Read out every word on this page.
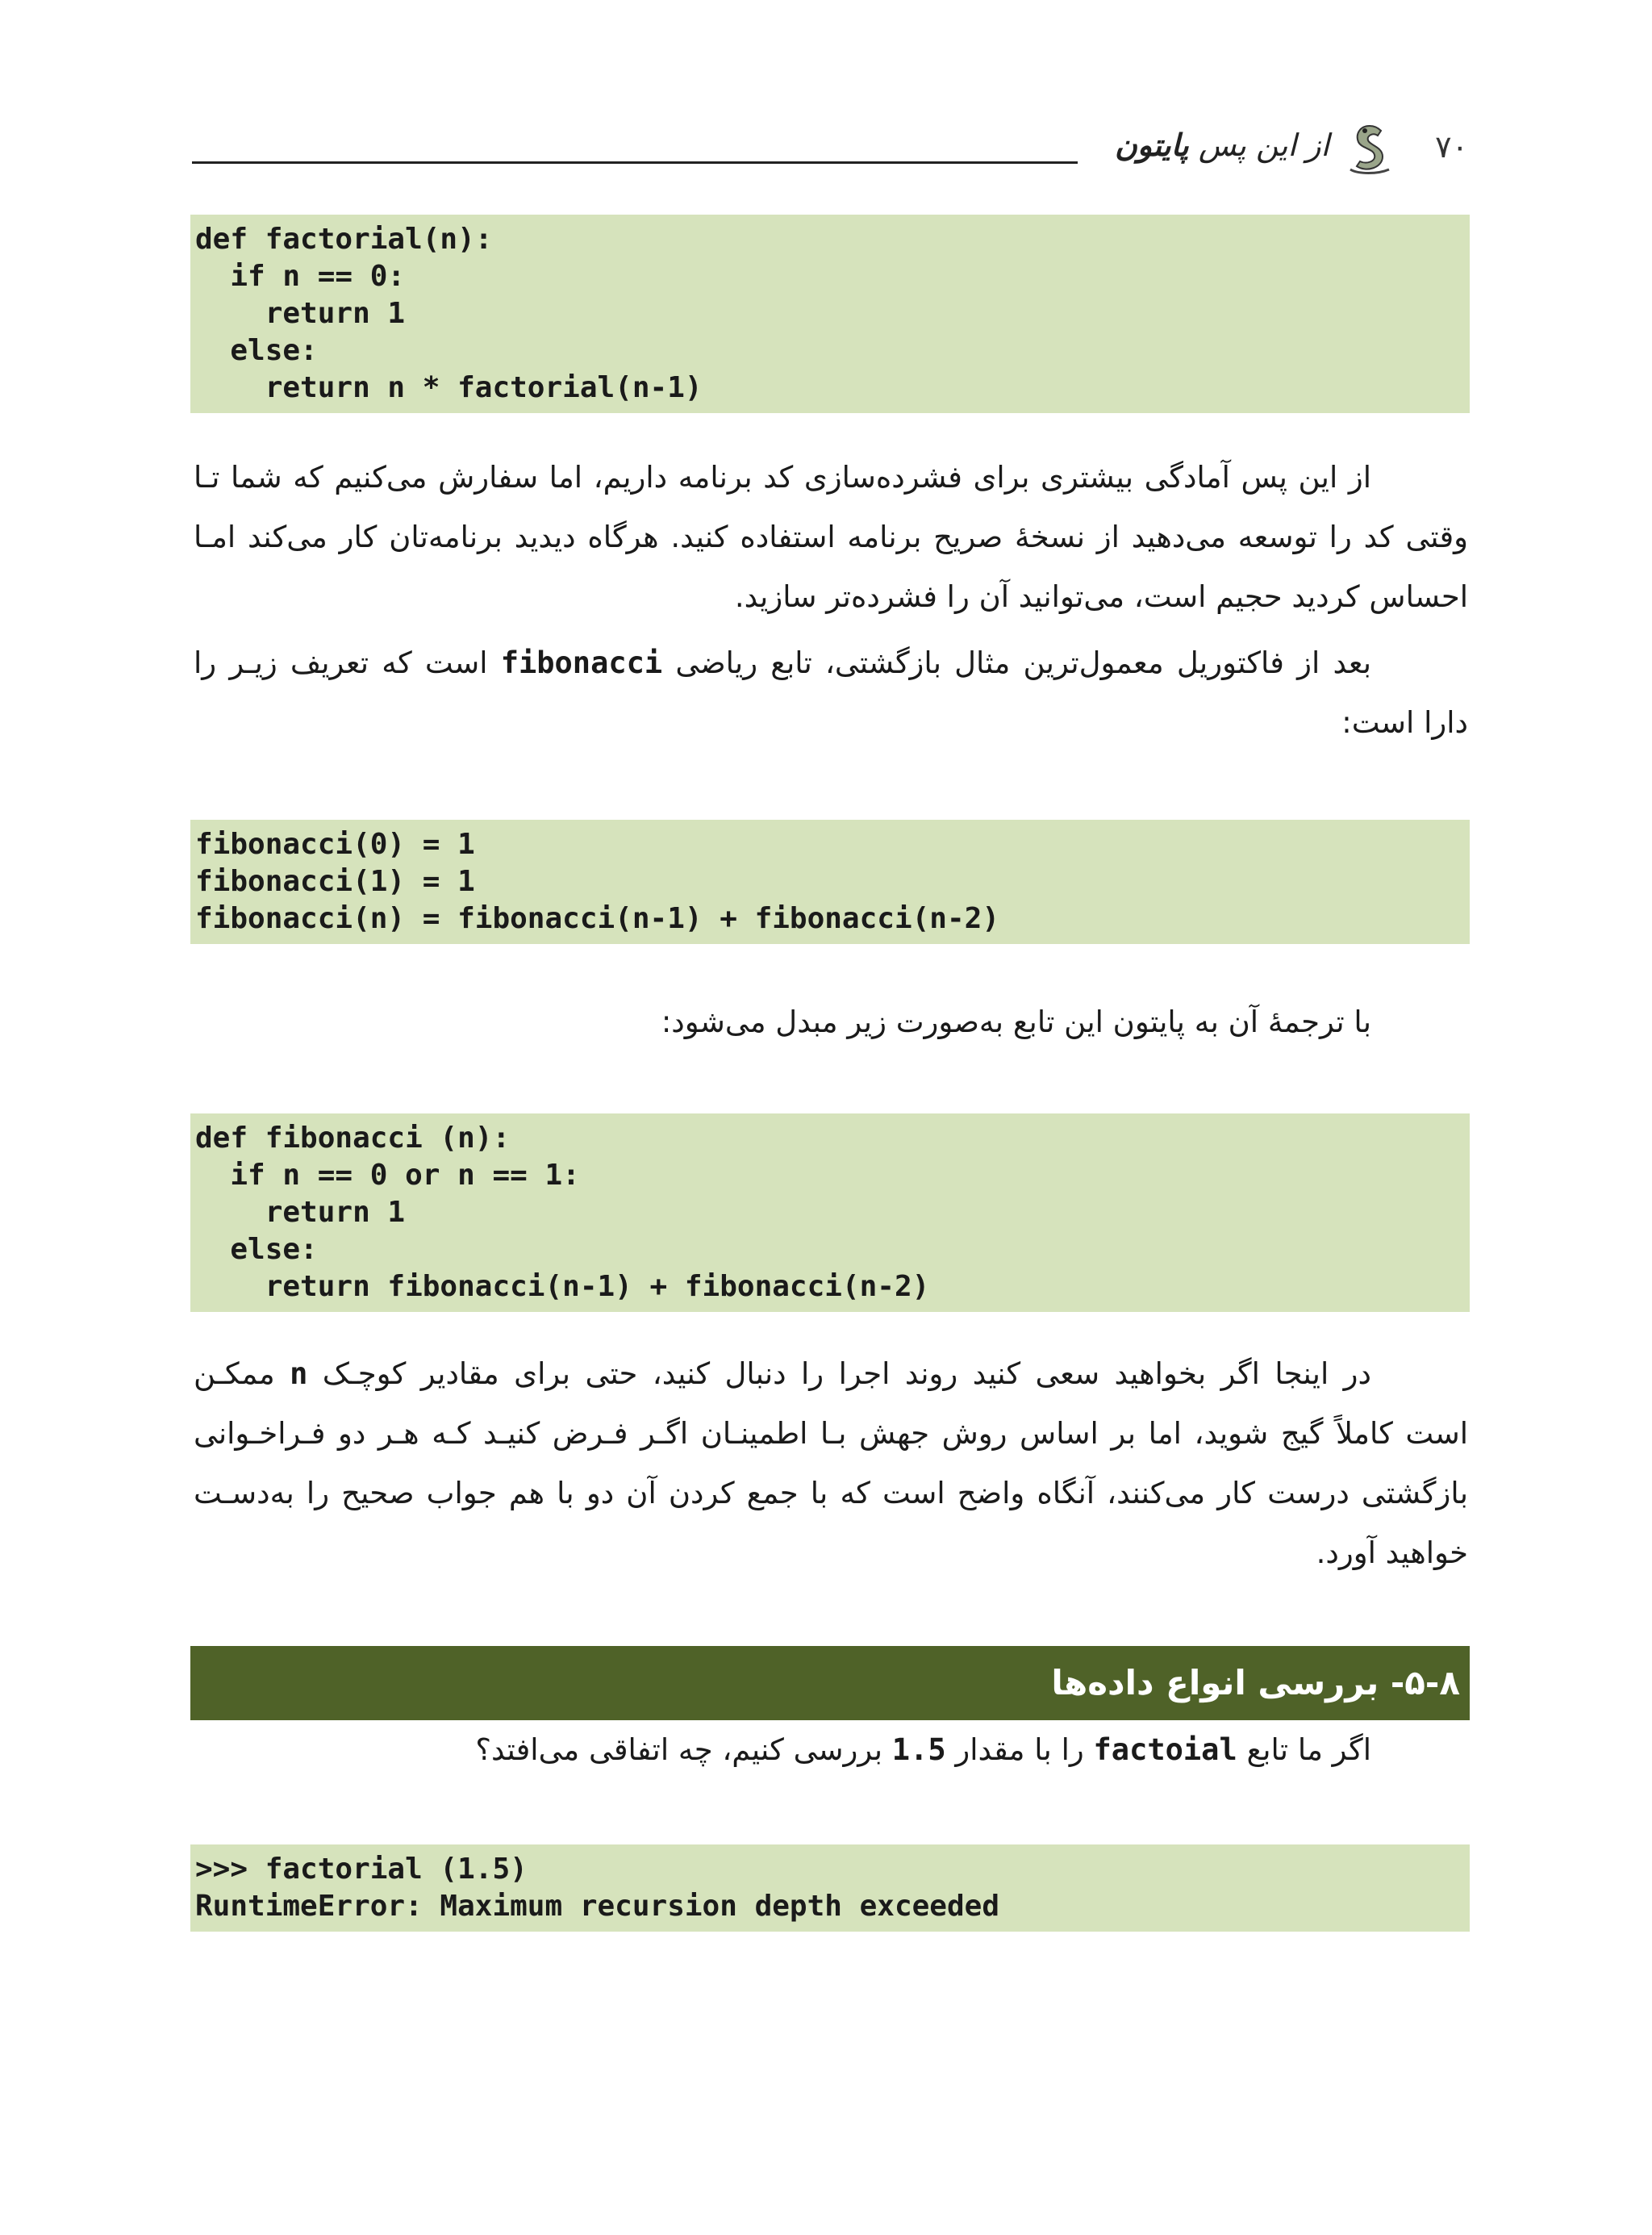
از این پس پایتون	۷۰
def factorial(n):
if n == 0:
return 1
else:
return n * factorial(n-1)
از این پس آمادگی بیشتری برای فشرده‌سازی کد برنامه داریم، اما سفارش می‌کنیم که شما تـا
وقتی کد را توسعه می‌دهید از نسخهٔ صریح برنامه استفاده کنید. هرگاه دیدید برنامه‌تان کار می‌کند امـا
احساس کردید حجیم است، می‌توانید آن را فشرده‌تر سازید.
بعد از فاکتوریل معمول‌ترین مثال بازگشتی، تابع ریاضی fibonacci است که تعریف زیـر را
دارا است:
fibonacci(0) = 1
fibonacci(1) = 1
fibonacci(n) = fibonacci(n-1) + fibonacci(n-2)
با ترجمهٔ آن به پایتون این تابع به‌صورت زیر مبدل می‌شود:
def fibonacci (n):
if n == 0 or n == 1:
return 1
else:
return fibonacci(n-1) + fibonacci(n-2)
در اینجا اگر بخواهید سعی کنید روند اجرا را دنبال کنید، حتی برای مقادیر کوچـک n ممکـن
است کاملاً گیج شوید، اما بر اساس روش جهش بـا اطمینـان اگـر فـرض کنیـد کـه هـر دو فـراخـوانی
بازگشتی درست کار می‌کنند، آنگاه واضح است که با جمع کردن آن دو با هم جواب صحیح را به‌دسـت
خواهید آورد.
۵-۸- بررسی انواع داده‌ها
اگر ما تابع factoial را با مقدار 1.5 بررسی کنیم، چه اتفاقی می‌افتد؟
>>> factorial (1.5)
RuntimeError: Maximum recursion depth exceeded
